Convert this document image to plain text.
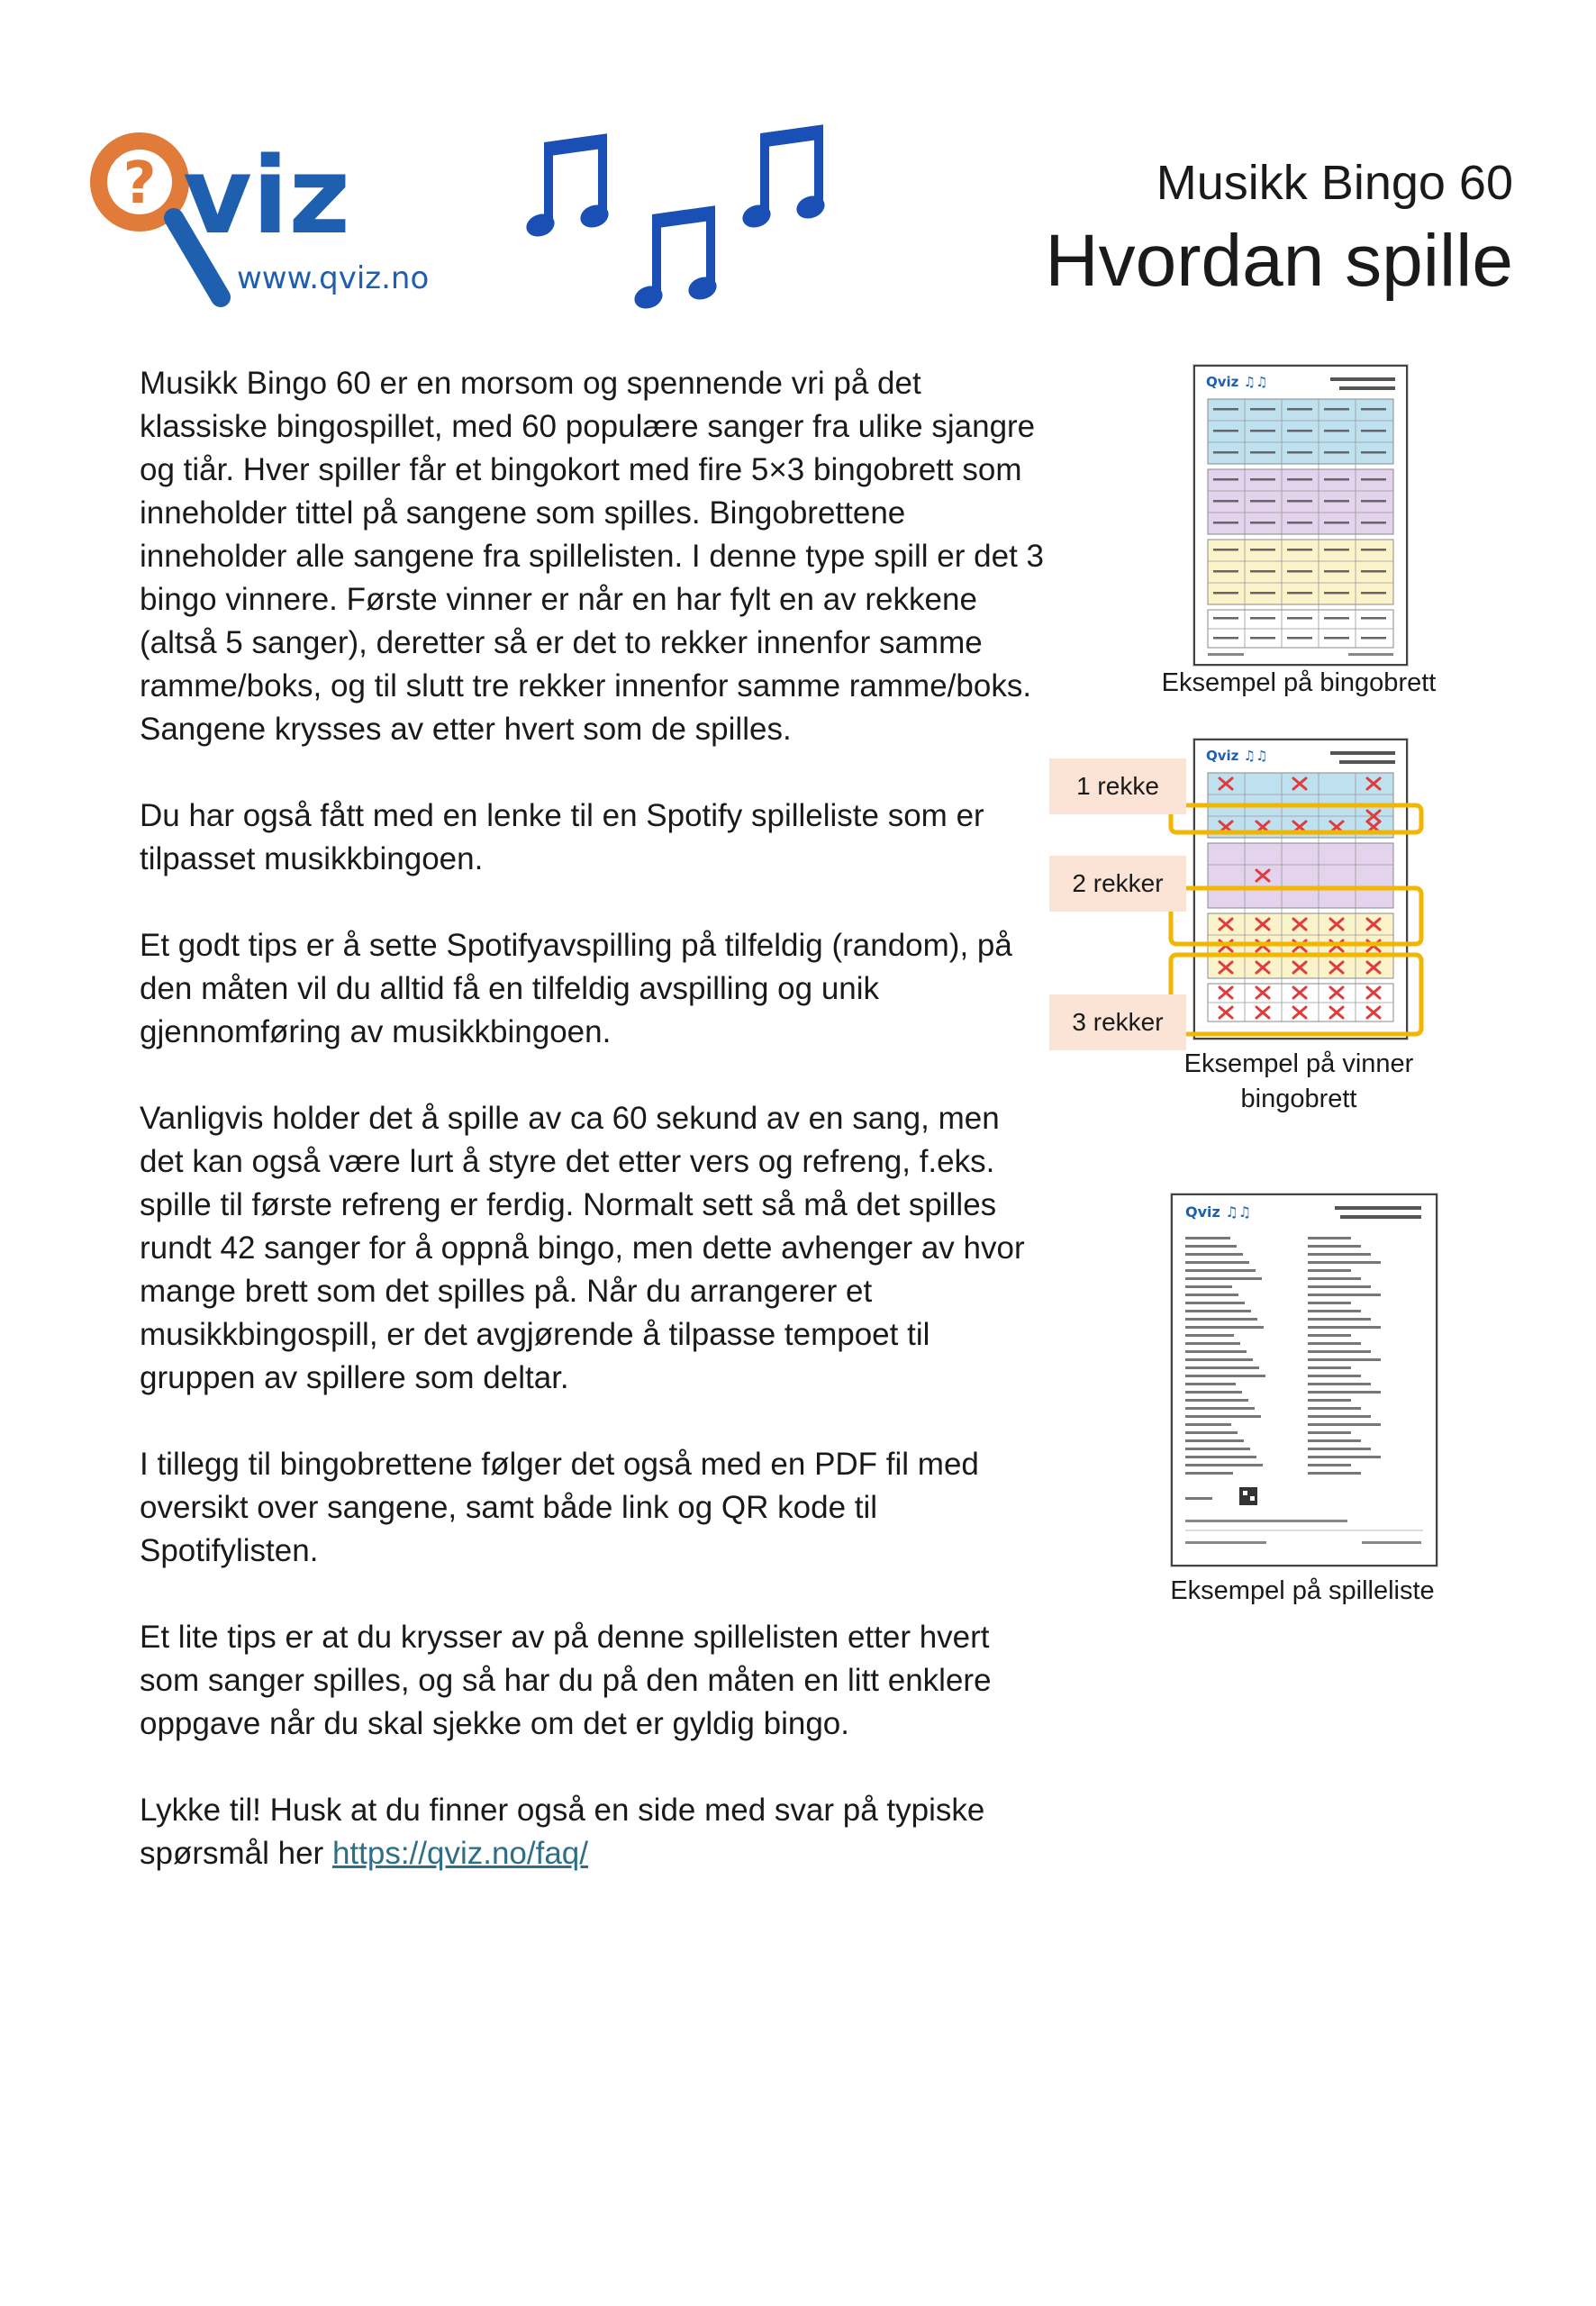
? viz
www.qviz.no
Musikk Bingo 60
Hvordan spille

Musikk Bingo 60 er en morsom og spennende vri på det klassiske bingospillet, med 60 populære sanger fra ulike sjangre og tiår. Hver spiller får et bingokort med fire 5×3 bingobrett som inneholder tittel på sangene som spilles. Bingobrettene inneholder alle sangene fra spillelisten. I denne type spill er det 3 bingo vinnere. Første vinner er når en har fylt en av rekkene (altså 5 sanger), deretter så er det to rekker innenfor samme ramme/boks, og til slutt tre rekker innenfor samme ramme/boks. Sangene krysses av etter hvert som de spilles.

Du har også fått med en lenke til en Spotify spilleliste som er tilpasset musikkbingoen.

Et godt tips er å sette Spotifyavspilling på tilfeldig (random), på den måten vil du alltid få en tilfeldig avspilling og unik gjennomføring av musikkbingoen.

Vanligvis holder det å spille av ca 60 sekund av en sang, men det kan også være lurt å styre det etter vers og refreng, f.eks. spille til første refreng er ferdig. Normalt sett så må det spilles rundt 42 sanger for å oppnå bingo, men dette avhenger av hvor mange brett som det spilles på. Når du arrangerer et musikkbingospill, er det avgjørende å tilpasse tempoet til gruppen av spillere som deltar.

I tillegg til bingobrettene følger det også med en PDF fil med oversikt over sangene, samt både link og QR kode til Spotifylisten.

Et lite tips er at du krysser av på denne spillelisten etter hvert som sanger spilles, og så har du på den måten en litt enklere oppgave når du skal sjekke om det er gyldig bingo.

Lykke til! Husk at du finner også en side med svar på typiske spørsmål her https://qviz.no/faq/

Qviz ♫♫
Eksempel på bingobrett
Qviz ♫♫
1 rekke
2 rekker
3 rekker
Eksempel på vinner
bingobrett
Qviz ♫♫
Eksempel på spilleliste
